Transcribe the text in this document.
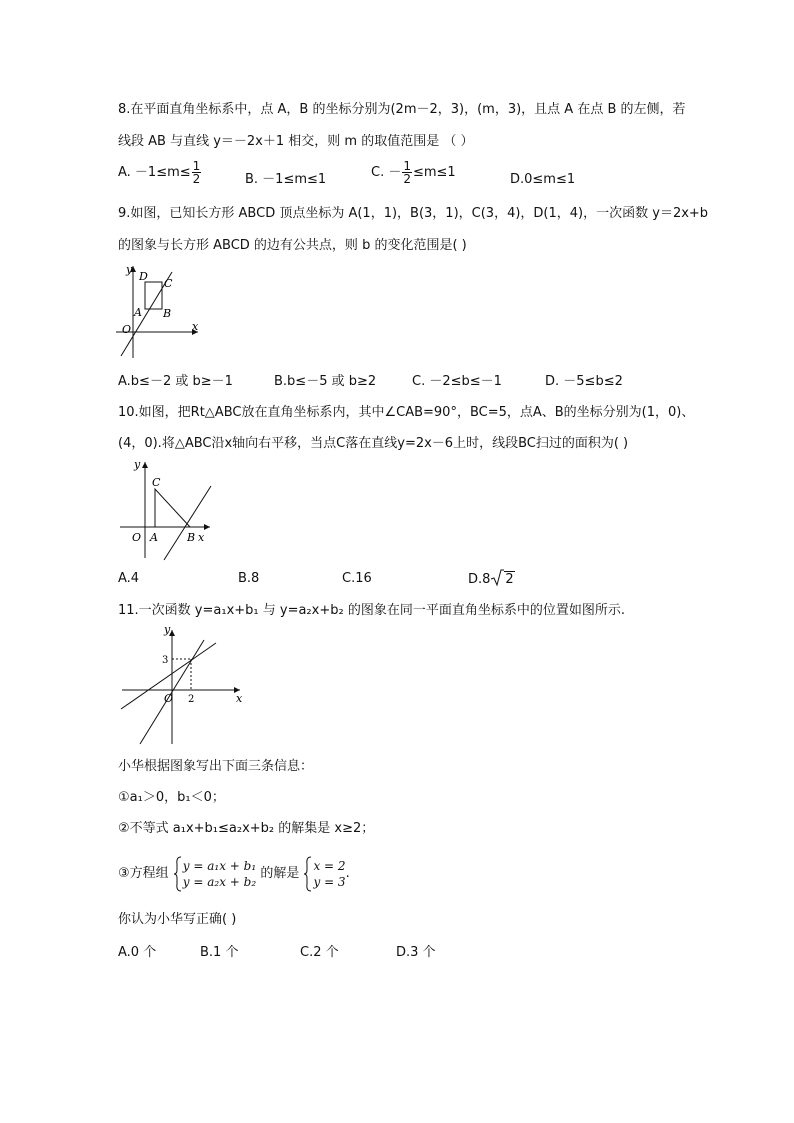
8.在平面直角坐标系中，点 A，B 的坐标分别为(2m－2，3)，(m，3)，且点 A 在点 B 的左侧，若
线段 AB 与直线 y＝－2x＋1 相交，则 m 的取值范围是 （ ）
A. $-1\le m\le \frac{1}{2}$	B. －1≤m≤1	C. － $\frac{1}{2} \le m\le 1$	D.0≤m≤1
9.如图，已知长方形 ABCD 顶点坐标为 A(1，1)，B(3，1)，C(3，4)，D(1，4)，一次函数 y＝2x+b
的图象与长方形 ABCD 的边有公共点，则 b 的变化范围是( )
y
x
O
A B
C
D
A.b≤－2 或 b≥－1	B.b≤－5 或 b≥2	C. －2≤b≤－1	D. －5≤b≤2
10.如图，把Rt△ABC放在直角坐标系内，其中∠CAB=90°，BC=5，点A、B的坐标分别为(1，0)、
(4，0).将△ABC沿x轴向右平移，当点C落在直线y=2x－6上时，线段BC扫过的面积为( )
y
x
O A	B
C
A.4	B.8	C.16	D.8 2
11.一次函数 y=a₁x+b₁ 与 y=a₂x+b₂ 的图象在同一平面直角坐标系中的位置如图所示.
y
x
O
3
2
小华根据图象写出下面三条信息：
①a₁＞0，b₁＜0；
②不等式 a₁x+b₁≤a₂x+b₂ 的解集是 x≥2；
③方程组 y = a₁x + b₁
y = a₂x + b₂
的解是 x = 2
y = 3
.
你认为小华写正确( )
A.0 个	B.1 个	C.2 个	D.3 个
